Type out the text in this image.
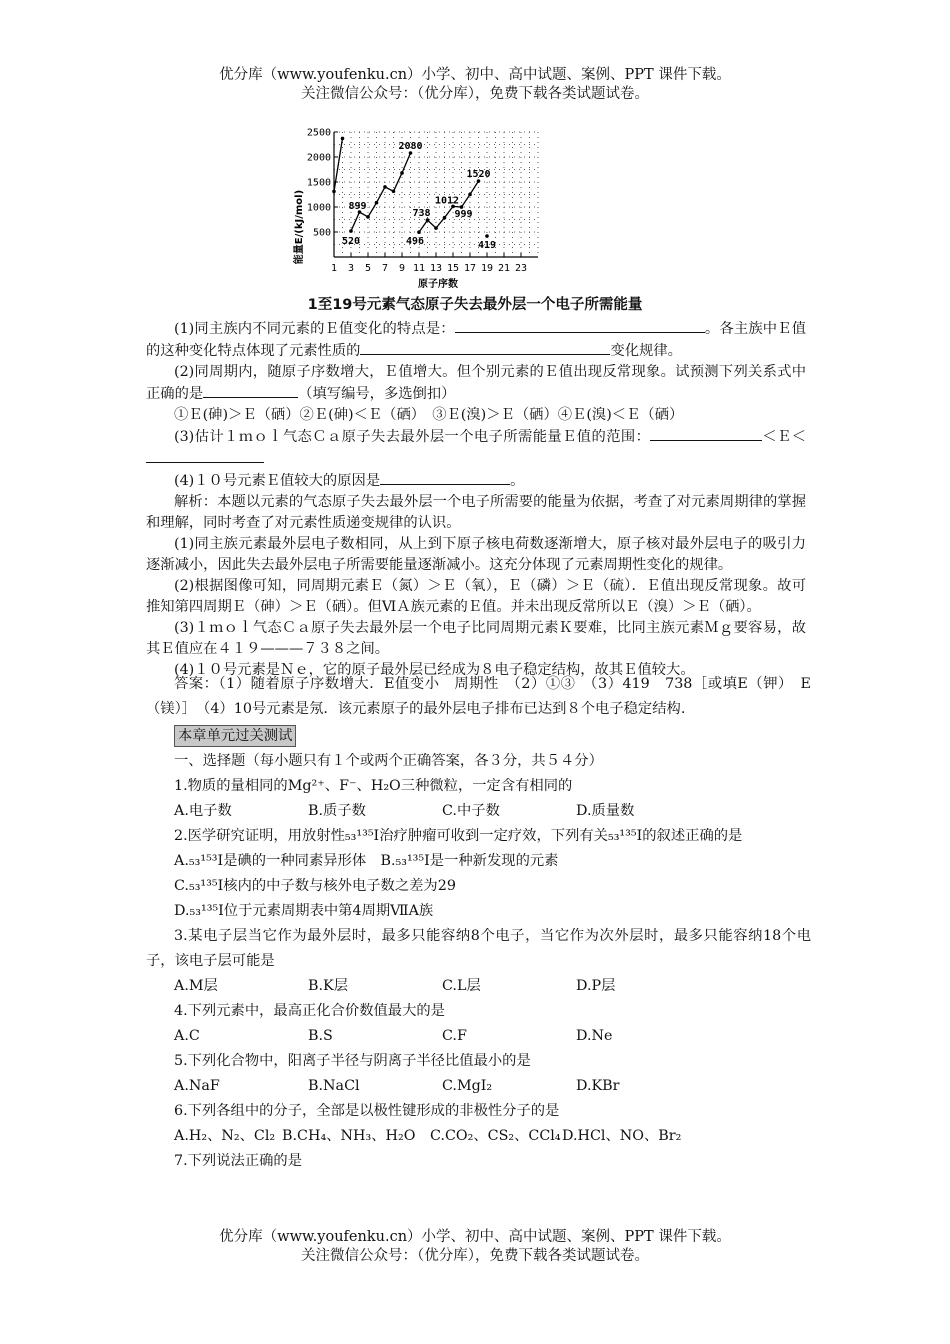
优分库（www.youfenku.cn）小学、初中、高中试题、案例、PPT 课件下载。
关注微信公众号：（优分库），免费下载各类试题试卷。
500
1000
1500
2000
2500
1 3 5 7 9 11 13 15 17 19 21 23
520
899
2080
496
738
1012
999
1520
419
能量E/(kJ/mol)
原子序数
1至19号元素气态原子失去最外层一个电子所需能量

(1)同主族内不同元素的Ｅ值变化的特点是：	。各主族中Ｅ值的这种变化特点体现了元素性质的	变化规律。

(2)同周期内，随原子序数增大，Ｅ值增大。但个别元素的Ｅ值出现反常现象。试预测下列关系式中正确的是	（填写编号，多选倒扣）

①Ｅ(砷)＞Ｅ（硒）②Ｅ(砷)＜Ｅ（硒）　③Ｅ(溴)＞Ｅ（硒）④Ｅ(溴)＜Ｅ（硒）

(3)估计１ｍｏｌ气态Ｃａ原子失去最外层一个电子所需能量Ｅ值的范围：	＜Ｅ＜

(4)１０号元素Ｅ值较大的原因是	。

解析：本题以元素的气态原子失去最外层一个电子所需要的能量为依据，考查了对元素周期律的掌握和理解，同时考查了对元素性质递变规律的认识。

(1)同主族元素最外层电子数相同，从上到下原子核电荷数逐渐增大，原子核对最外层电子的吸引力逐渐减小，因此失去最外层电子所需要能量逐渐减小。这充分体现了元素周期性变化的规律。

(2)根据图像可知，同周期元素Ｅ（氮）＞Ｅ（氧），Ｅ（磷）＞Ｅ（硫）．Ｅ值出现反常现象。故可推知第四周期Ｅ（砷）＞Ｅ（硒）。但ⅥＡ族元素的Ｅ值。并未出现反常所以Ｅ（溴）＞Ｅ（硒）。

(3)１ｍｏｌ气态Ｃａ原子失去最外层一个电子比同周期元素Ｋ要难，比同主族元素Ｍｇ要容易，故其Ｅ值应在４１９———７３８之间。

(4)１０号元素是Ｎｅ，它的原子最外层已经成为８电子稳定结构，故其Ｅ值较大。

答案：（1）随着原子序数增大．E值变小　周期性　（2）①③　（3）419　738［或填E（钾）　E（镁）］　（4）10号元素是氖．该元素原子的最外层电子排布已达到８个电子稳定结构.

本章单元过关测试

一、选择题（每小题只有１个或两个正确答案，各３分，共５４分）

1.物质的量相同的Mg²⁺、F⁻、H₂O三种微粒，一定含有相同的

A.电子数	B.质子数	C.中子数	D.质量数

2.医学研究证明，用放射性₅₃¹³⁵I治疗肿瘤可收到一定疗效，下列有关₅₃¹³⁵I的叙述正确的是

A.₅₃¹⁵³I是碘的一种同素异形体　B.₅₃¹³⁵I是一种新发现的元素
C.₅₃¹³⁵I核内的中子数与核外电子数之差为29
D.₅₃¹³⁵I位于元素周期表中第4周期ⅦA族

3.某电子层当它作为最外层时，最多只能容纳8个电子，当它作为次外层时，最多只能容纳18个电子，该电子层可能是

A.M层	B.K层	C.L层	D.P层

4.下列元素中，最高正化合价数值最大的是

A.C	B.S	C.F	D.Ne

5.下列化合物中，阳离子半径与阴离子半径比值最小的是

A.NaF	B.NaCl	C.MgI₂	D.KBr

6.下列各组中的分子，全部是以极性键形成的非极性分子的是

A.H₂、N₂、Cl₂ B.CH₄、NH₃、H₂O	C.CO₂、CS₂、CCl₄ D.HCl、NO、Br₂

7.下列说法正确的是

优分库（www.youfenku.cn）小学、初中、高中试题、案例、PPT 课件下载。
关注微信公众号：（优分库），免费下载各类试题试卷。
